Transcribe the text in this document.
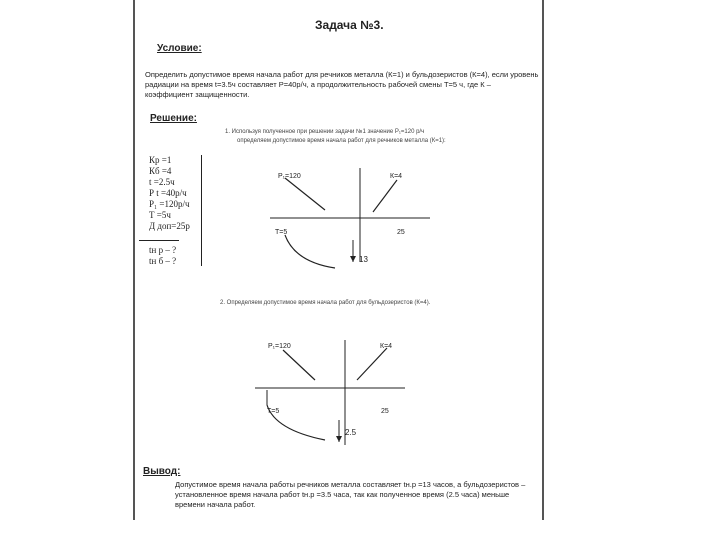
Задача №3.
Условие:
Определить допустимое время начала работ для речников металла (К=1) и бульдозеристов (К=4), если уровень радиации на время t=3.5ч составляет Р=40р/ч, а продолжительность рабочей смены Т=5 ч, где К – коэффициент защищенности.
Решение:
1. Используя полученное при решении задачи №1 значение Р₁=120 р/ч
определяем допустимое время начала работ для речников металла (К=1):
Кр =1
Кб =4
t =2.5ч
Р t =40р/ч
Р₁ =120р/ч
Т =5ч
Д доп=25р
tн р – ?
tн б – ?
Р₁=120	К=4
Т=5	25
13
Р₁=120	К=4
Т=5	25
2.5
2. Определяем допустимое время начала работ для бульдозеристов (К=4).
Вывод:
Допустимое время начала работы речников металла составляет tн.р =13 часов, а бульдозеристов – установленное время начала работ tн.р =3.5 часа, так как полученное время (2.5 часа) меньше времени начала работ.
